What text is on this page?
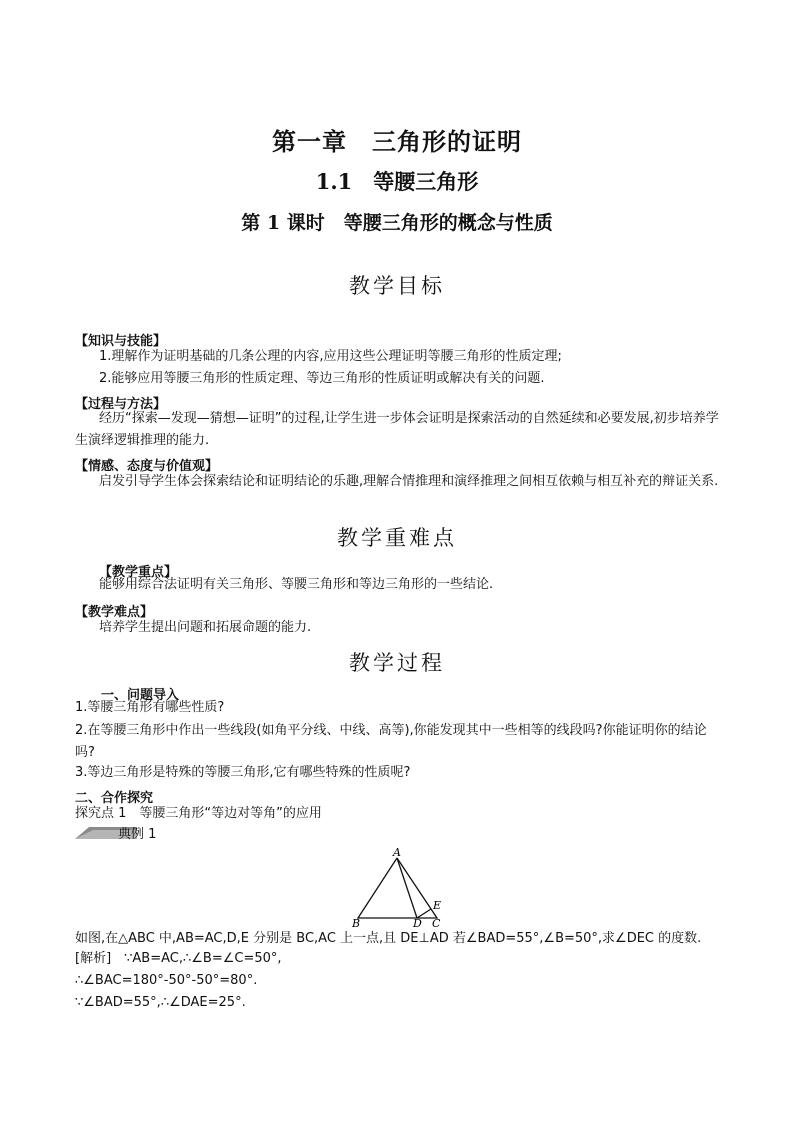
第一章　三角形的证明
1.1　等腰三角形
第 1 课时　等腰三角形的概念与性质
教学目标
【知识与技能】
1.理解作为证明基础的几条公理的内容,应用这些公理证明等腰三角形的性质定理;
2.能够应用等腰三角形的性质定理、等边三角形的性质证明或解决有关的问题.
【过程与方法】
经历“探索—发现—猜想—证明”的过程,让学生进一步体会证明是探索活动的自然延续和必要发展,初步培养学生演绎逻辑推理的能力.
【情感、态度与价值观】
启发引导学生体会探索结论和证明结论的乐趣,理解合情推理和演绎推理之间相互依赖与相互补充的辩证关系.
教学重难点
【教学重点】
能够用综合法证明有关三角形、等腰三角形和等边三角形的一些结论.
【教学难点】
培养学生提出问题和拓展命题的能力.
教学过程
一、问题导入
1.等腰三角形有哪些性质?
2.在等腰三角形中作出一些线段(如角平分线、中线、高等),你能发现其中一些相等的线段吗?你能证明你的结论吗?
3.等边三角形是特殊的等腰三角形,它有哪些特殊的性质呢?
二、合作探究
探究点 1　等腰三角形“等边对等角”的应用
典例 1
A
B	D
E
C
如图,在△ABC 中,AB=AC,D,E 分别是 BC,AC 上一点,且 DE⊥AD 若∠BAD=55°,∠B=50°,求∠DEC 的度数.
[解析]　∵AB=AC,∴∠B=∠C=50°,
∴∠BAC=180°-50°-50°=80°.
∵∠BAD=55°,∴∠DAE=25°.
